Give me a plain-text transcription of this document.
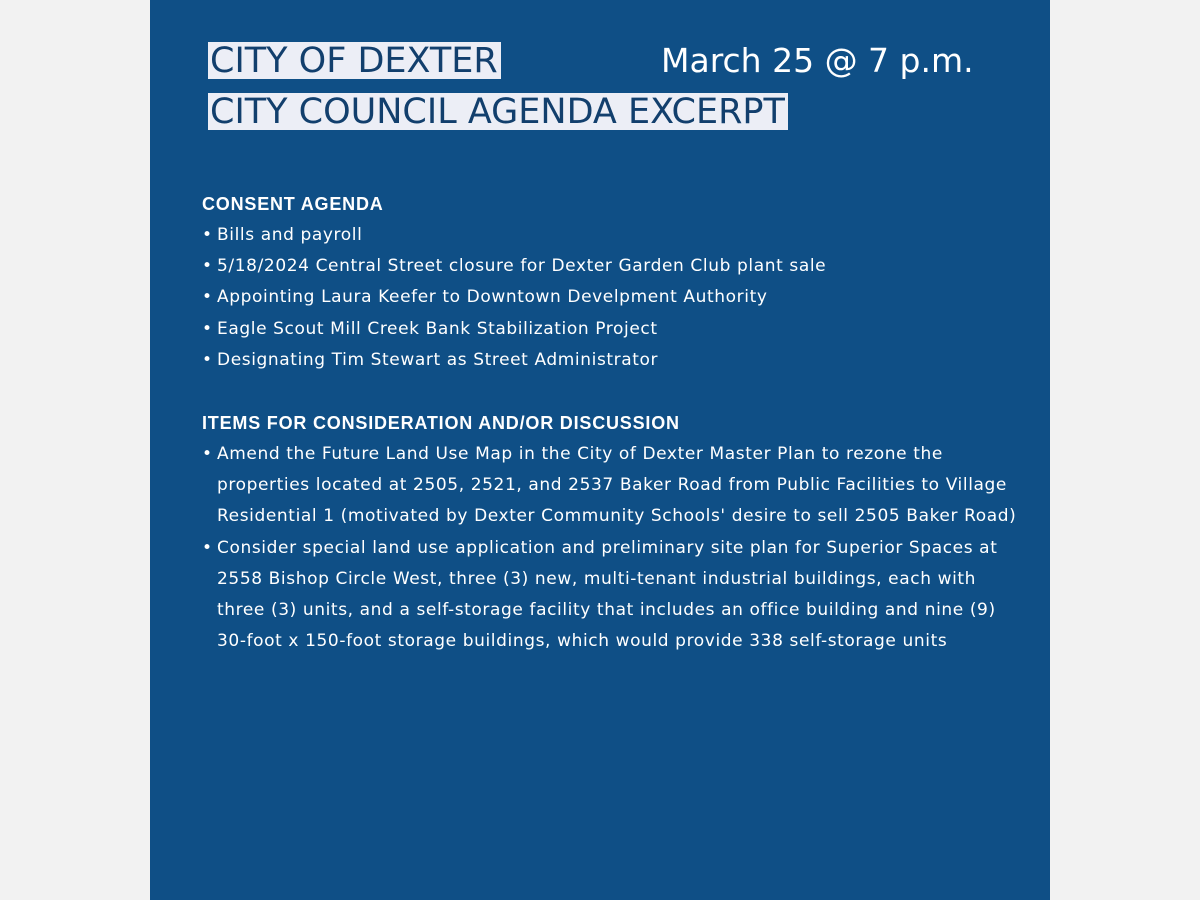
CITY OF DEXTER	March 25 @ 7 p.m.
CITY COUNCIL AGENDA EXCERPT
CONSENT AGENDA
• Bills and payroll
• 5/18/2024 Central Street closure for Dexter Garden Club plant sale
• Appointing Laura Keefer to Downtown Develpment Authority
• Eagle Scout Mill Creek Bank Stabilization Project
• Designating Tim Stewart as Street Administrator
ITEMS FOR CONSIDERATION AND/OR DISCUSSION
• Amend the Future Land Use Map in the City of Dexter Master Plan to rezone the properties located at 2505, 2521, and 2537 Baker Road from Public Facilities to Village Residential 1 (motivated by Dexter Community Schools' desire to sell 2505 Baker Road)
• Consider special land use application and preliminary site plan for Superior Spaces at 2558 Bishop Circle West, three (3) new, multi-tenant industrial buildings, each with three (3) units, and a self-storage facility that includes an office building and nine (9) 30-foot x 150-foot storage buildings, which would provide 338 self-storage units
